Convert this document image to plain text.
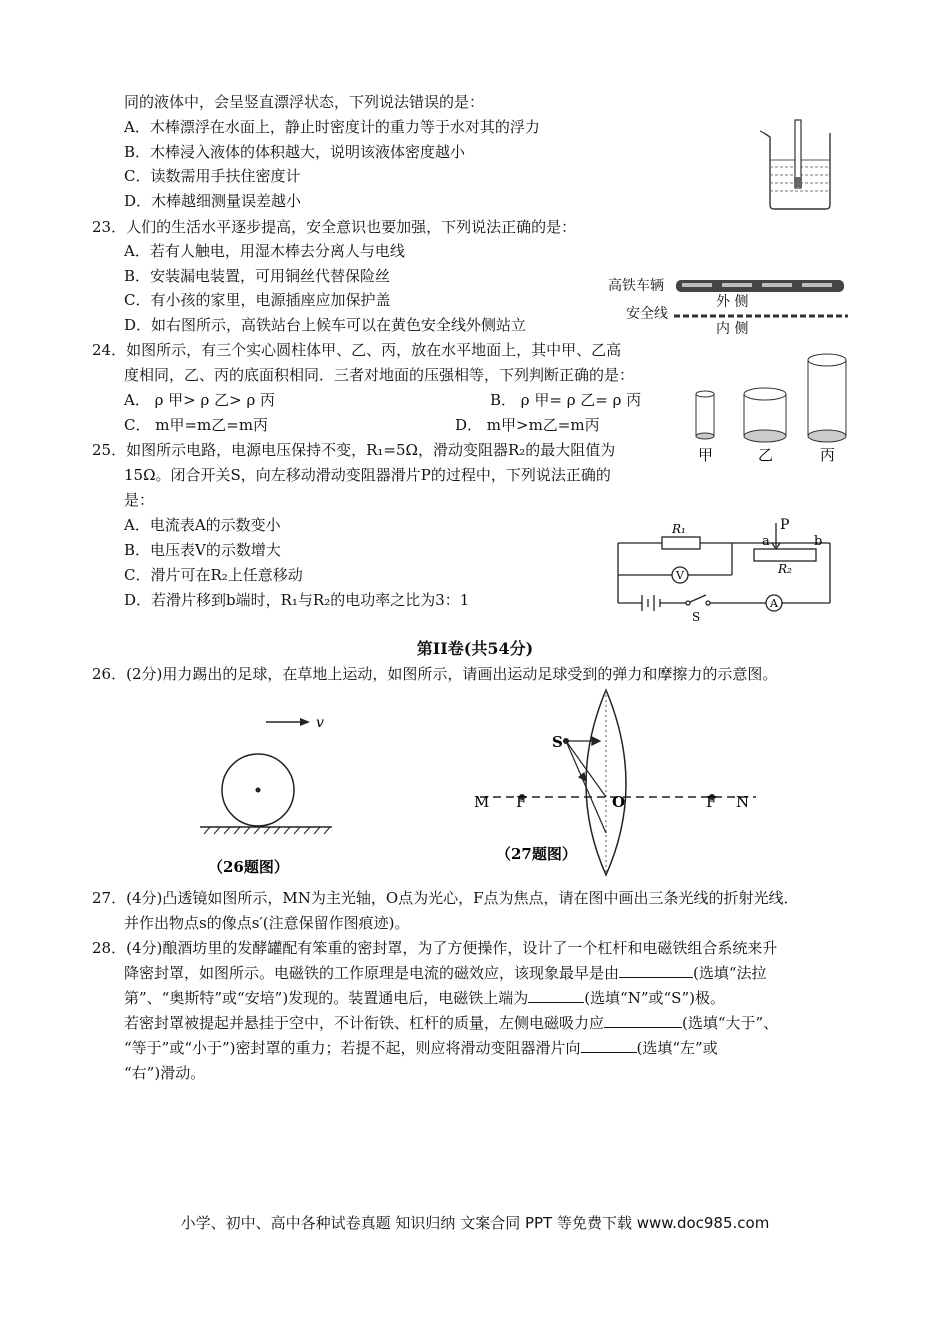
同的液体中，会呈竖直漂浮状态，下列说法错误的是：
A．木棒漂浮在水面上，静止时密度计的重力等于水对其的浮力
B．木棒浸入液体的体积越大，说明该液体密度越小
C．读数需用手扶住密度计
D．木棒越细测量误差越小
23．人们的生活水平逐步提高，安全意识也要加强，下列说法正确的是：
A．若有人触电，用湿木棒去分离人与电线
B．安装漏电装置，可用铜丝代替保险丝
C．有小孩的家里，电源插座应加保护盖
D．如右图所示，高铁站台上候车可以在黄色安全线外侧站立
高铁车辆
安全线
外 侧
内 侧
24．如图所示，有三个实心圆柱体甲、乙、丙，放在水平地面上，其中甲、乙高
度相同，乙、丙的底面积相同．三者对地面的压强相等，下列判断正确的是：
A． ρ 甲> ρ 乙> ρ 丙	B． ρ 甲= ρ 乙= ρ 丙
C． m甲=m乙=m丙	D． m甲>m乙=m丙
甲	乙	丙
25．如图所示电路，电源电压保持不变，R₁=5Ω，滑动变阻器R₂的最大阻值为
15Ω。闭合开关S，向左移动滑动变阻器滑片P的过程中，下列说法正确的
是：
A．电流表A的示数变小
B．电压表V的示数增大
C．滑片可在R₂上任意移动
D．若滑片移到b端时，R₁与R₂的电功率之比为3：1
P
a	b
R₁
R₂
V
A
S
第II卷(共54分)
26．(2分)用力踢出的足球，在草地上运动，如图所示，请画出运动足球受到的弹力和摩擦力的示意图。
v
（26题图）
S
M F	O	F N
（27题图）
27．(4分)凸透镜如图所示，MN为主光轴，O点为光心，F点为焦点，请在图中画出三条光线的折射光线．
并作出物点s的像点s′(注意保留作图痕迹)。
28．(4分)酿酒坊里的发酵罐配有笨重的密封罩，为了方便操作，设计了一个杠杆和电磁铁组合系统来升
降密封罩，如图所示。电磁铁的工作原理是电流的磁效应，该现象最早是由	(选填“法拉
第”、“奥斯特”或“安培”)发现的。装置通电后，电磁铁上端为	(选填“N”或“S”)极。
若密封罩被提起并悬挂于空中，不计衔铁、杠杆的质量，左侧电磁吸力应	(选填“大于”、
“等于”或“小于”)密封罩的重力；若提不起，则应将滑动变阻器滑片向	(选填“左”或
“右”)滑动。
小学、初中、高中各种试卷真题 知识归纳 文案合同 PPT 等免费下载 www.doc985.com
